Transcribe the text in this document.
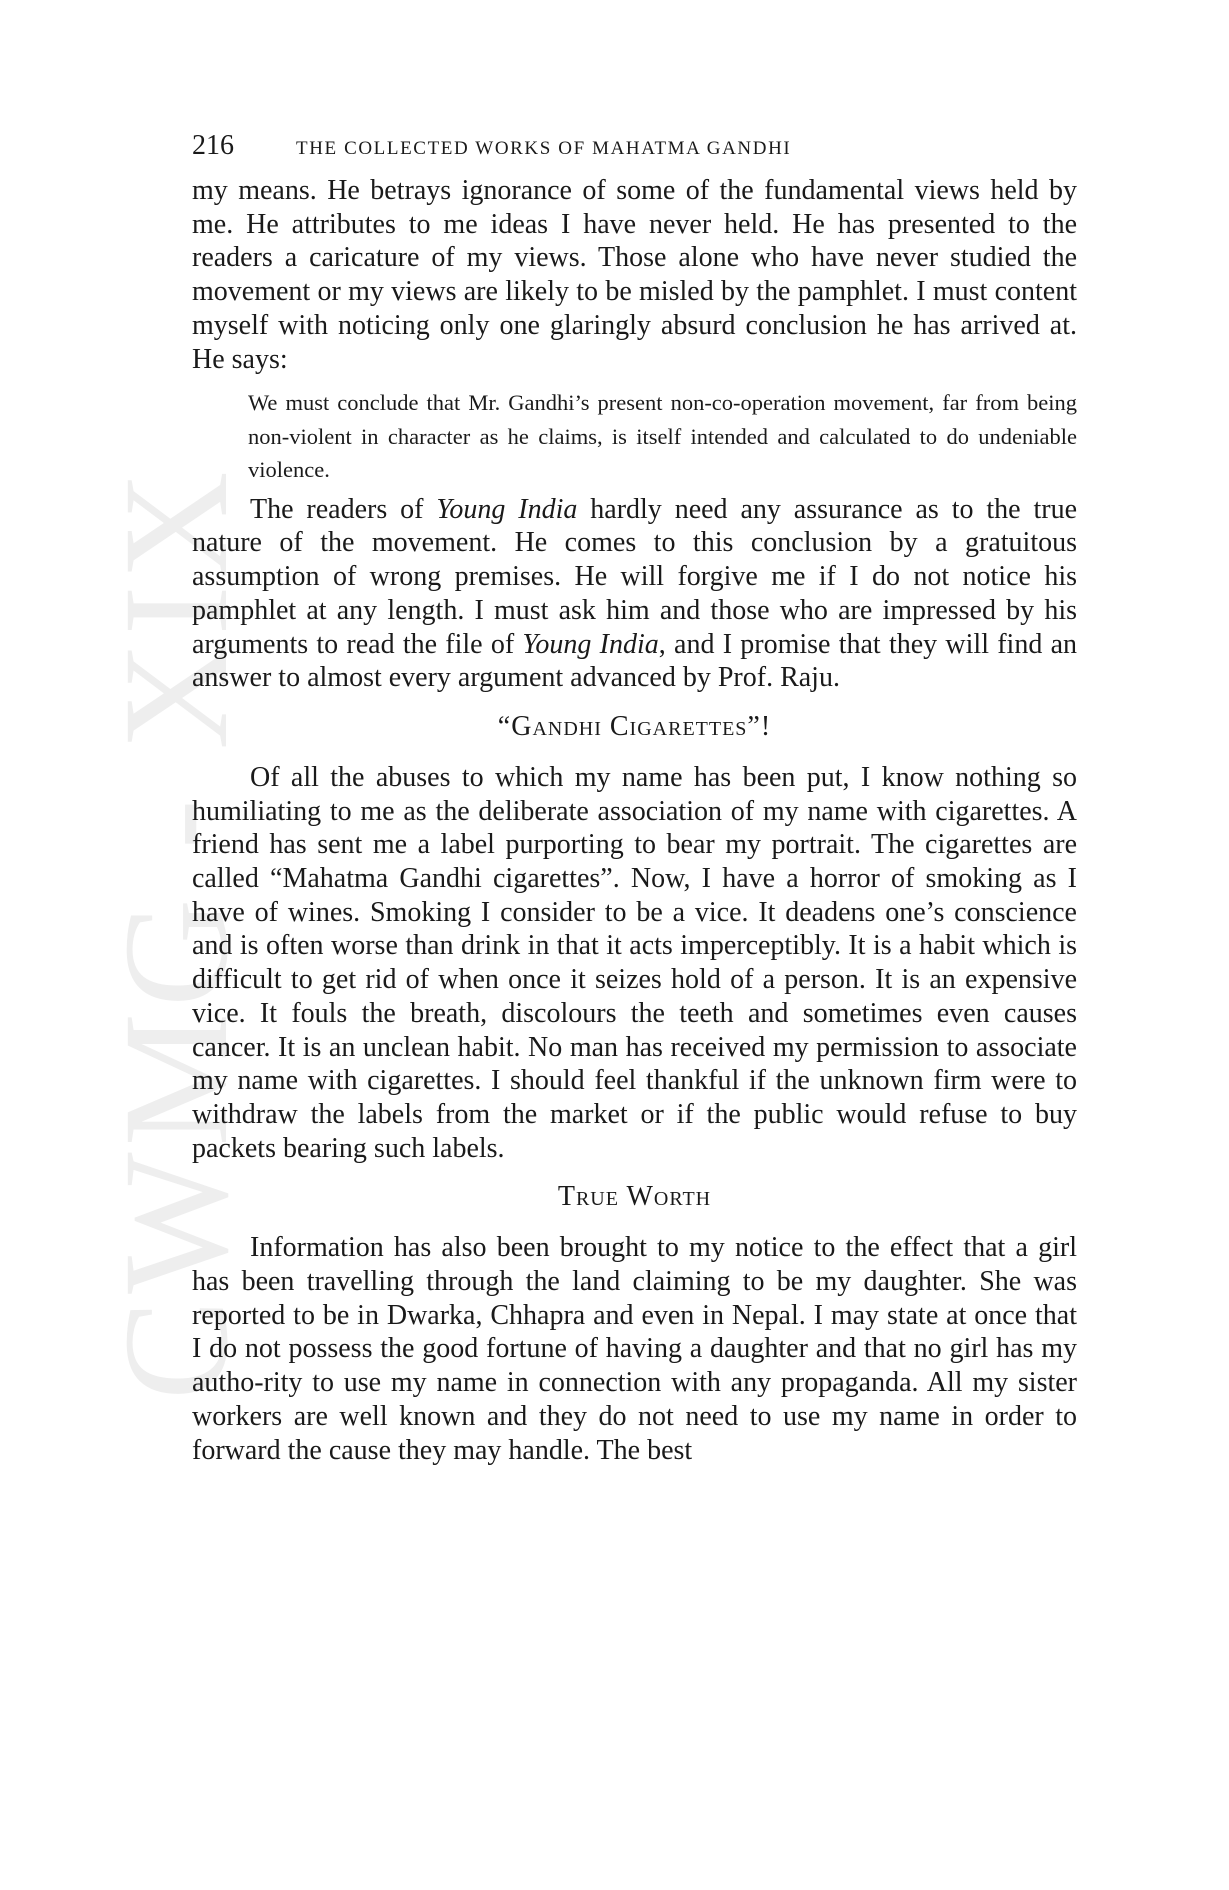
CWMG - XIX
216	THE COLLECTED WORKS OF MAHATMA GANDHI

my means. He betrays ignorance of some of the fundamental views held by me. He attributes to me ideas I have never held. He has presented to the readers a caricature of my views. Those alone who have never studied the movement or my views are likely to be misled by the pamphlet. I must content myself with noticing only one glaringly absurd conclusion he has arrived at. He says:

We must conclude that Mr. Gandhi’s present non-co-operation movement, far from being non-violent in character as he claims, is itself intended and calculated to do undeniable violence.

The readers of Young India hardly need any assurance as to the true nature of the movement. He comes to this conclusion by a gratuitous assumption of wrong premises. He will forgive me if I do not notice his pamphlet at any length. I must ask him and those who are impressed by his arguments to read the file of Young India, and I promise that they will find an answer to almost every argument advanced by Prof. Raju.

“Gandhi Cigarettes”!

Of all the abuses to which my name has been put, I know nothing so humiliating to me as the deliberate association of my name with cigarettes. A friend has sent me a label purporting to bear my portrait. The cigarettes are called “Mahatma Gandhi cigarettes”. Now, I have a horror of smoking as I have of wines. Smoking I consider to be a vice. It deadens one’s conscience and is often worse than drink in that it acts imperceptibly. It is a habit which is difficult to get rid of when once it seizes hold of a person. It is an expensive vice. It fouls the breath, discolours the teeth and sometimes even causes cancer. It is an unclean habit. No man has received my permission to associate my name with cigarettes. I should feel thankful if the unknown firm were to withdraw the labels from the market or if the public would refuse to buy packets bearing such labels.

True Worth

Information has also been brought to my notice to the effect that a girl has been travelling through the land claiming to be my daughter. She was reported to be in Dwarka, Chhapra and even in Nepal. I may state at once that I do not possess the good fortune of having a daughter and that no girl has my autho-rity to use my name in connection with any propaganda. All my sister workers are well known and they do not need to use my name in order to forward the cause they may handle. The best
